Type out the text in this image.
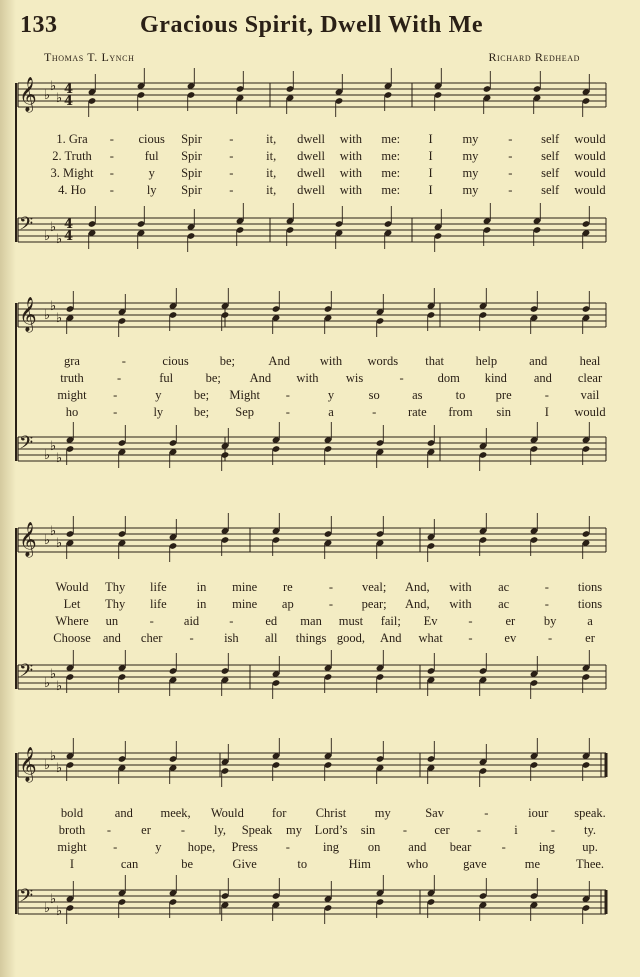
133	Gracious Spirit, Dwell With Me
Thomas T. Lynch	Richard Redhead
𝄞 ♭
♭
♭
4
4
𝄢 ♭
♭
♭
4
4
1. Gra - cious Spir -	it, dwell with me: I my - self would
2. Truth - ful Spir -	it, dwell with me: I my - self would
3. Might -	y Spir -	it, dwell with me: I my - self would
4. Ho -	ly Spir -	it, dwell with me: I my - self would
𝄞 ♭
♭
♭
𝄢 ♭
♭
♭
gra	-	cious be;	And with words that	help	and	heal
truth	-	ful	be; And with wis	-	dom kind and clear
might -	y	be; Might -	y	so	as	to pre	-	vail
ho	-	ly be; Sep	-	a	-	rate from sin	I would
𝄞 ♭
♭
♭
𝄢 ♭
♭
♭
Would Thy life in mine re	- veal; And, with ac	- tions
Let Thy life in mine ap	- pear; And, with ac	- tions
Where un	- aid -	ed man must fail; Ev -	er by a
Choose and cher - ish all things good, And what -	ev	-	er
𝄞 ♭
♭
♭
𝄢 ♭
♭
♭
bold	and meek, Would for Christ my	Sav	-	iour speak.
broth - er - ly, Speak my Lord’s sin - cer -	i	- ty.
might -	y hope, Press -	ing on and bear -	ing up.
I	can	be	Give	to	Him	who	gave	me	Thee.
